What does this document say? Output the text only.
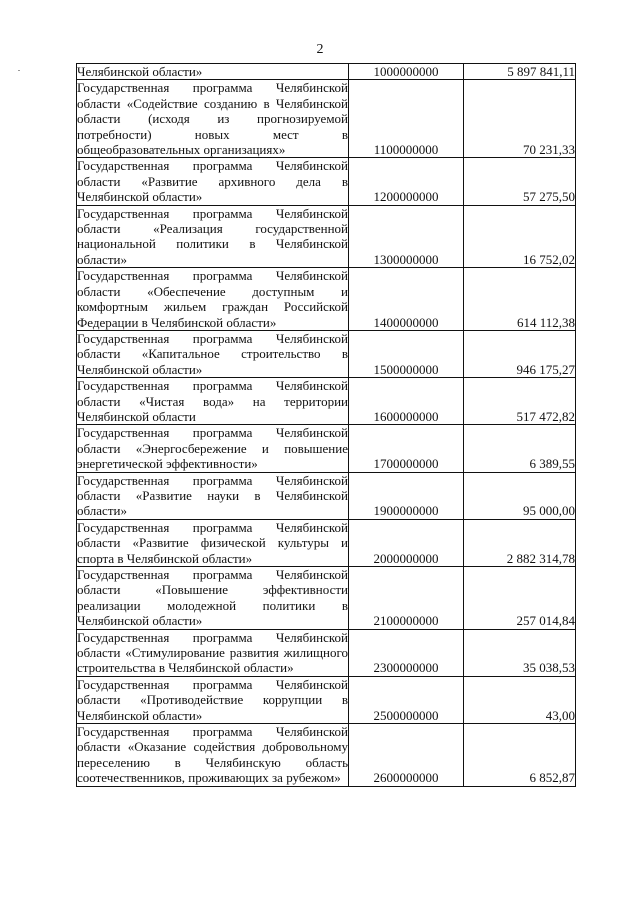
2
Челябинской области»	1000000000	5 897 841,11

Государственная программа Челябинской области «Содействие созданию в Челябинской области (исходя из прогнозируемой потребности) новых мест в общеобразовательных организациях»	1100000000	70 231,33

Государственная программа Челябинской области «Развитие архивного дела в Челябинской области»	1200000000	57 275,50

Государственная программа Челябинской области «Реализация государственной национальной политики в Челябинской области»	1300000000	16 752,02

Государственная программа Челябинской области «Обеспечение доступным и комфортным жильем граждан Российской Федерации в Челябинской области»	1400000000	614 112,38

Государственная программа Челябинской области «Капитальное строительство в Челябинской области»	1500000000	946 175,27

Государственная программа Челябинской области «Чистая вода» на территории Челябинской области	1600000000	517 472,82

Государственная программа Челябинской области «Энергосбережение и повышение энергетической эффективности»	1700000000	6 389,55

Государственная программа Челябинской области «Развитие науки в Челябинской области»	1900000000	95 000,00

Государственная программа Челябинской области «Развитие физической культуры и спорта в Челябинской области»	2000000000	2 882 314,78

Государственная программа Челябинской области «Повышение эффективности реализации молодежной политики в Челябинской области»	2100000000	257 014,84

Государственная программа Челябинской области «Стимулирование развития жилищного строительства в Челябинской области»	2300000000	35 038,53

Государственная программа Челябинской области «Противодействие коррупции в Челябинской области»	2500000000	43,00

Государственная программа Челябинской области «Оказание содействия добровольному переселению в Челябинскую область соотечественников, проживающих за рубежом»	2600000000	6 852,87
